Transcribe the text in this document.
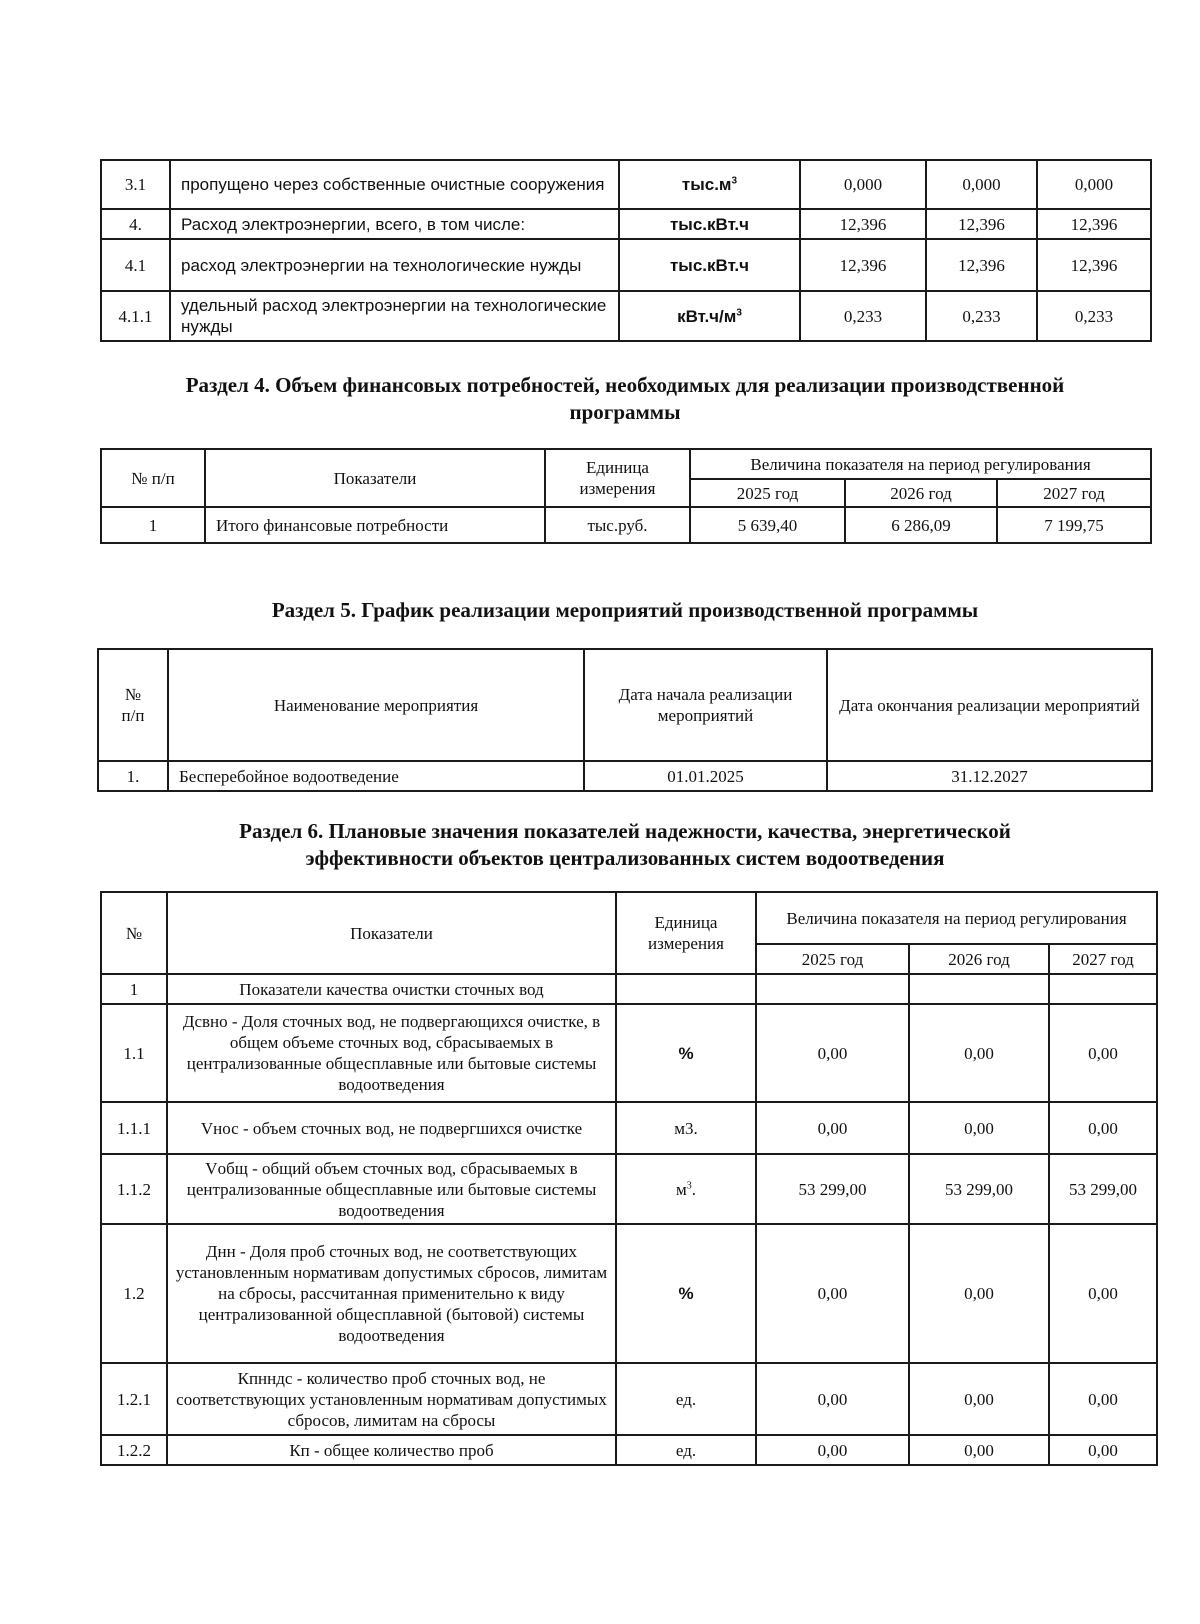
3.1	пропущено через собственные очистные сооружения	$тыс.м^3$	0,000	0,000	0,000
4.	Расход электроэнергии, всего, в том числе:	тыс.кВт.ч	12,396	12,396	12,396
4.1	расход электроэнергии на технологические нужды	тыс.кВт.ч	12,396	12,396	12,396
4.1.1	удельный расход электроэнергии на технологические нужды	$кВт.ч/м^3$	0,233	0,233	0,233
Раздел 4. Объем финансовых потребностей, необходимых для реализации производственной
программы
№ п/п	Показатели	Единица измерения	Величина показателя на период регулирования		
			2025 год	2026 год	2027 год
1	Итого финансовые потребности	тыс.руб.	5 639,40	6 286,09	7 199,75
Раздел 5. График реализации мероприятий производственной программы
№ п/п	Наименование мероприятия	Дата начала реализации мероприятий	Дата окончания реализации мероприятий
1.	Бесперебойное водоотведение	01.01.2025	31.12.2027
Раздел 6. Плановые значения показателей надежности, качества, энергетической
эффективности объектов централизованных систем водоотведения
№	Показатели	Единица измерения	Величина показателя на период регулирования		
			2025 год	2026 год	2027 год
1	Показатели качества очистки сточных вод				
1.1	Дсвно - Доля сточных вод, не подвергающихся очистке, в общем объеме сточных вод, сбрасываемых в централизованные общесплавные или бытовые системы водоотведения	%	0,00	0,00	0,00
1.1.1	Vнос - объем сточных вод, не подвергшихся очистке	м3.	0,00	0,00	0,00
1.1.2	Vобщ - общий объем сточных вод, сбрасываемых в централизованные общесплавные или бытовые системы водоотведения	$м^3$.	53 299,00	53 299,00	53 299,00
1.2	Днн - Доля проб сточных вод, не соответствующих установленным нормативам допустимых сбросов, лимитам на сбросы, рассчитанная применительно к виду централизованной общесплавной (бытовой) системы водоотведения	%	0,00	0,00	0,00
1.2.1	Кпнндс - количество проб сточных вод, не соответствующих установленным нормативам допустимых сбросов, лимитам на сбросы	ед.	0,00	0,00	0,00
1.2.2	Кп - общее количество проб	ед.	0,00	0,00	0,00
